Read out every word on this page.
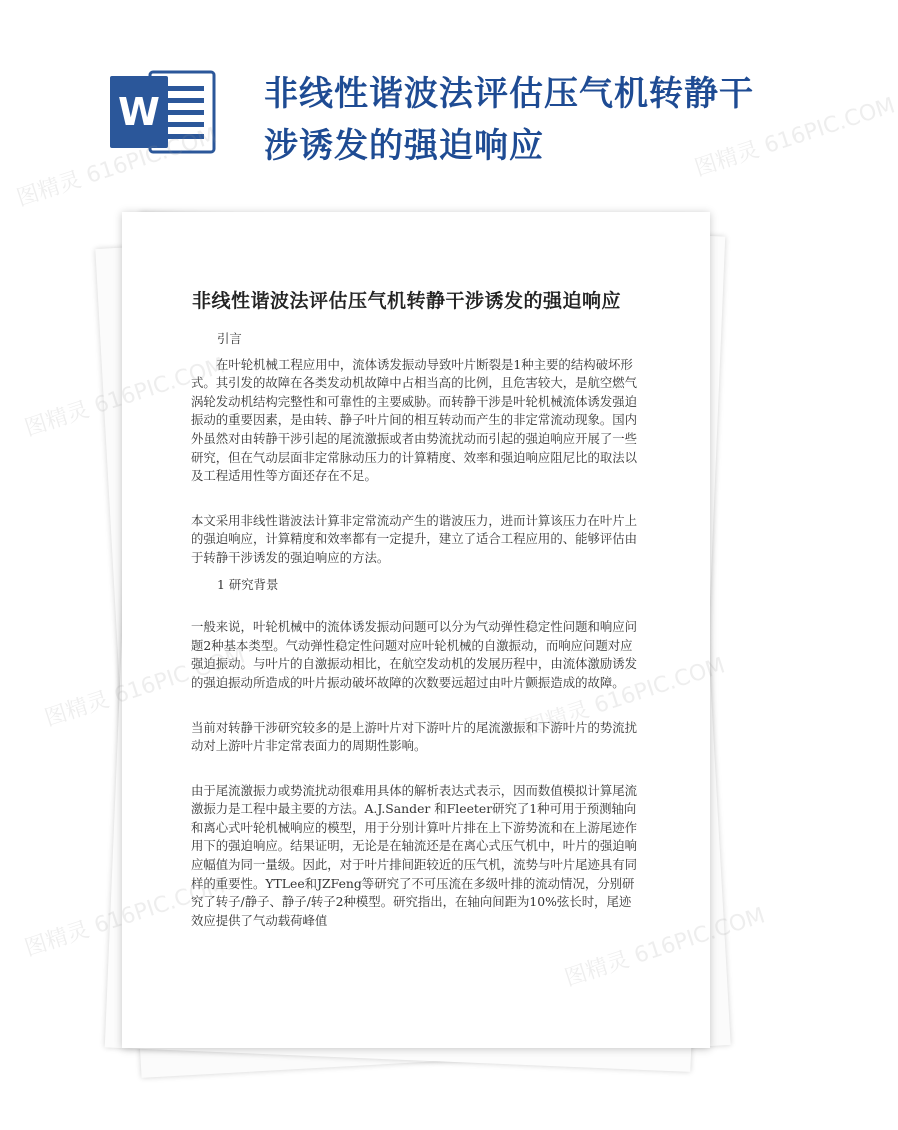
W	非线性谐波法评估压气机转静干涉诱发的强迫响应
非线性谐波法评估压气机转静干涉诱发的强迫响应

引言

在叶轮机械工程应用中，流体诱发振动导致叶片断裂是1种主要的结构破坏形式。其引发的故障在各类发动机故障中占相当高的比例，且危害较大，是航空燃气涡轮发动机结构完整性和可靠性的主要威胁。而转静干涉是叶轮机械流体诱发强迫振动的重要因素，是由转、静子叶片间的相互转动而产生的非定常流动现象。国内外虽然对由转静干涉引起的尾流激振或者由势流扰动而引起的强迫响应开展了一些研究，但在气动层面非定常脉动压力的计算精度、效率和强迫响应阻尼比的取法以及工程适用性等方面还存在不足。

本文采用非线性谐波法计算非定常流动产生的谐波压力，进而计算该压力在叶片上的强迫响应，计算精度和效率都有一定提升，建立了适合工程应用的、能够评估由于转静干涉诱发的强迫响应的方法。

1 研究背景

一般来说，叶轮机械中的流体诱发振动问题可以分为气动弹性稳定性问题和响应问题2种基本类型。气动弹性稳定性问题对应叶轮机械的自激振动，而响应问题对应强迫振动。与叶片的自激振动相比，在航空发动机的发展历程中，由流体激励诱发的强迫振动所造成的叶片振动破坏故障的次数要远超过由叶片颤振造成的故障。

当前对转静干涉研究较多的是上游叶片对下游叶片的尾流激振和下游叶片的势流扰动对上游叶片非定常表面力的周期性影响。

由于尾流激振力或势流扰动很难用具体的解析表达式表示，因而数值模拟计算尾流激振力是工程中最主要的方法。A.J.Sander 和Fleeter研究了1种可用于预测轴向和离心式叶轮机械响应的模型，用于分别计算叶片排在上下游势流和在上游尾迹作用下的强迫响应。结果证明，无论是在轴流还是在离心式压气机中，叶片的强迫响应幅值为同一量级。因此，对于叶片排间距较近的压气机，流势与叶片尾迹具有同样的重要性。YTLee和JZFeng等研究了不可压流在多级叶排的流动情况，分别研究了转子/静子、静子/转子2种模型。研究指出，在轴向间距为10%弦长时，尾迹效应提供了气动载荷峰值

图精灵 616PIC.COM	图精灵 616PIC.COM
图精灵
图精灵
图精灵
